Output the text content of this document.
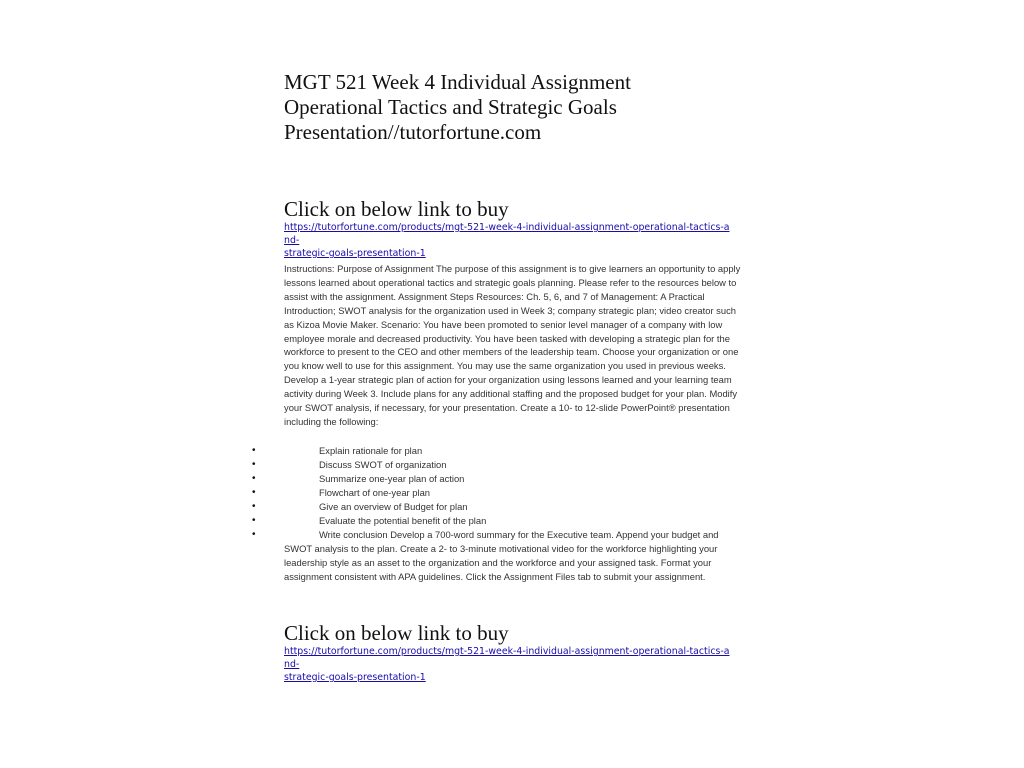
MGT 521 Week 4 Individual Assignment
Operational Tactics and Strategic Goals
Presentation//tutorfortune.com
Click on below link to buy
https://tutorfortune.com/products/mgt-521-week-4-individual-assignment-operational-tactics-and-
strategic-goals-presentation-1

Instructions: Purpose of Assignment The purpose of this assignment is to give learners an opportunity to apply lessons learned about operational tactics and strategic goals planning. Please refer to the resources below to assist with the assignment. Assignment Steps Resources: Ch. 5, 6, and 7 of Management: A Practical Introduction; SWOT analysis for the organization used in Week 3; company strategic plan; video creator such as Kizoa Movie Maker. Scenario: You have been promoted to senior level manager of a company with low employee morale and decreased productivity. You have been tasked with developing a strategic plan for the workforce to present to the CEO and other members of the leadership team. Choose your organization or one you know well to use for this assignment. You may use the same organization you used in previous weeks. Develop a 1-year strategic plan of action for your organization using lessons learned and your learning team activity during Week 3. Include plans for any additional staffing and the proposed budget for your plan. Modify your SWOT analysis, if necessary, for your presentation. Create a 10- to 12-slide PowerPoint® presentation including the following:

•	Explain rationale for plan
•	Discuss SWOT of organization
•	Summarize one-year plan of action
•	Flowchart of one-year plan
•	Give an overview of Budget for plan
•	Evaluate the potential benefit of the plan
•	Write conclusion Develop a 700-word summary for the Executive team. Append your budget and SWOT analysis to the plan. Create a 2- to 3-minute motivational video for the workforce highlighting your leadership style as an asset to the organization and the workforce and your assigned task. Format your assignment consistent with APA guidelines. Click the Assignment Files tab to submit your assignment.
Click on below link to buy
https://tutorfortune.com/products/mgt-521-week-4-individual-assignment-operational-tactics-and-
strategic-goals-presentation-1
